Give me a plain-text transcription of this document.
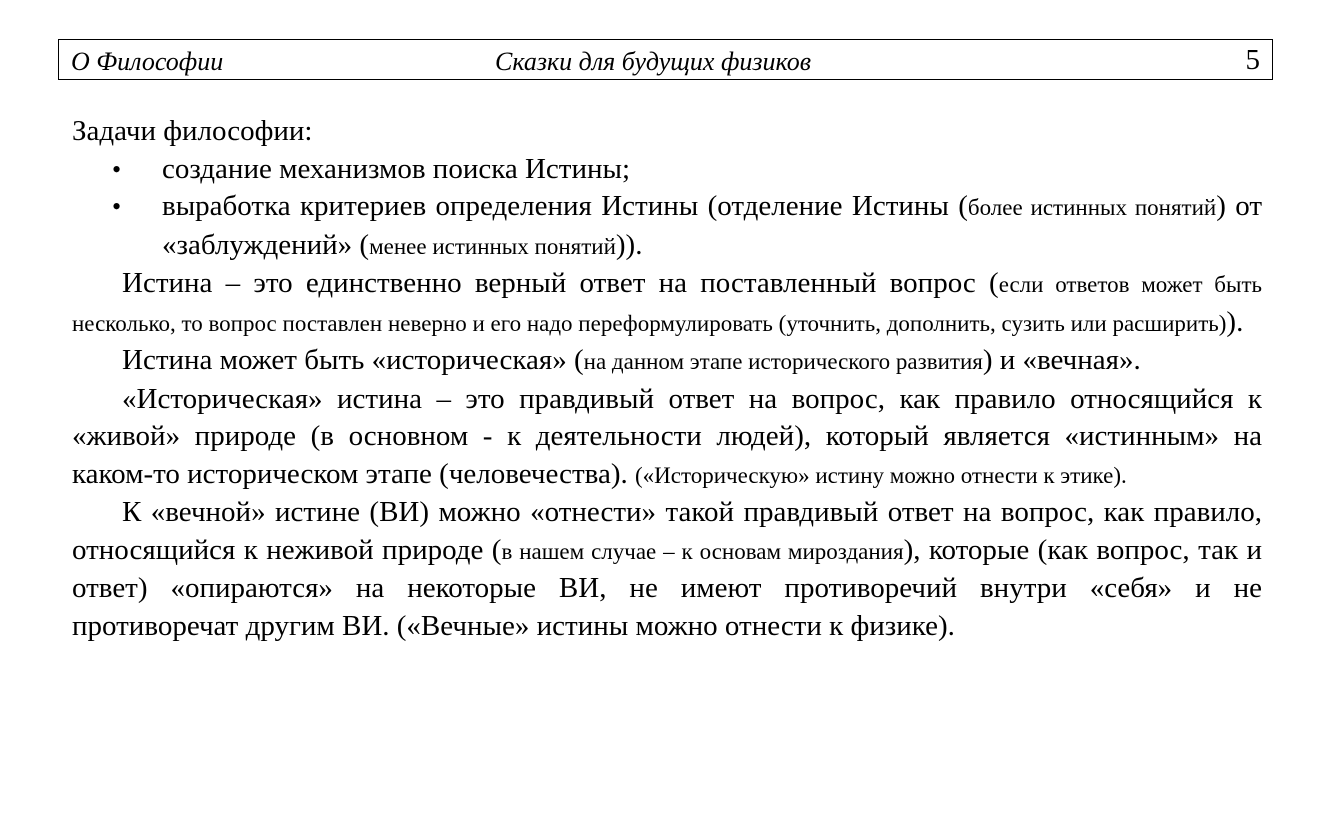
О Философии	Сказки для будущих физиков	5

Задачи философии:

• создание механизмов поиска Истины;
• выработка критериев определения Истины (отделение Истины (более истинных понятий) от «заблуждений» (менее истинных понятий)).

Истина – это единственно верный ответ на поставленный вопрос (если ответов может быть несколько, то вопрос поставлен неверно и его надо переформулировать (уточнить, дополнить, сузить или расширить)).

Истина может быть «историческая» (на данном этапе исторического развития) и «вечная».

«Историческая» истина – это правдивый ответ на вопрос, как правило относящийся к «живой» природе (в основном - к деятельности людей), который является «истинным» на каком-то историческом этапе (человечества). («Историческую» истину можно отнести к этике).

К «вечной» истине (ВИ) можно «отнести» такой правдивый ответ на вопрос, как правило, относящийся к неживой природе (в нашем случае – к основам мироздания), которые (как вопрос, так и ответ) «опираются» на некоторые ВИ, не имеют противоречий внутри «себя» и не противоречат другим ВИ. («Вечные» истины можно отнести к физике).
